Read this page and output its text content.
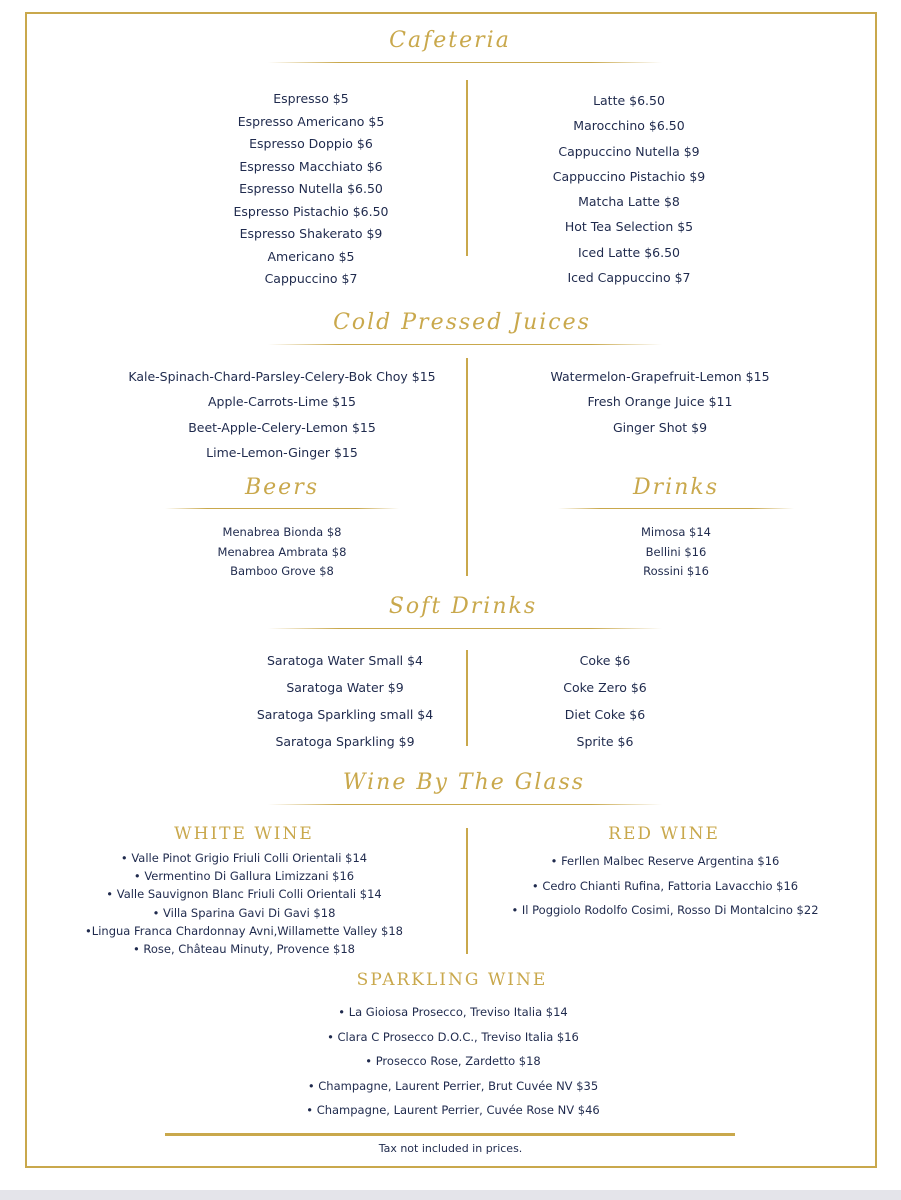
Cafeteria
Espresso $5
Espresso Americano $5
Espresso Doppio $6
Espresso Macchiato $6
Espresso Nutella $6.50
Espresso Pistachio $6.50
Espresso Shakerato $9
Americano $5
Cappuccino $7
Latte $6.50
Marocchino $6.50
Cappuccino Nutella $9
Cappuccino Pistachio $9
Matcha Latte $8
Hot Tea Selection $5
Iced Latte $6.50
Iced Cappuccino $7
Cold Pressed Juices
Kale-Spinach-Chard-Parsley-Celery-Bok Choy $15
Apple-Carrots-Lime $15
Beet-Apple-Celery-Lemon $15
Lime-Lemon-Ginger $15
Watermelon-Grapefruit-Lemon $15
Fresh Orange Juice $11
Ginger Shot $9
Beers
Menabrea Bionda $8
Menabrea Ambrata $8
Bamboo Grove $8
Drinks
Mimosa $14
Bellini $16
Rossini $16
Soft Drinks
Saratoga Water Small $4
Saratoga Water $9
Saratoga Sparkling small $4
Saratoga Sparkling $9
Coke $6
Coke Zero $6
Diet Coke $6
Sprite $6
Wine By The Glass
WHITE WINE
• Valle Pinot Grigio Friuli Colli Orientali $14
• Vermentino Di Gallura Limizzani $16
• Valle Sauvignon Blanc Friuli Colli Orientali $14
• Villa Sparina Gavi Di Gavi $18
•Lingua Franca Chardonnay Avni,Willamette Valley $18
• Rose, Château Minuty, Provence $18
RED WINE
• Ferllen Malbec Reserve Argentina $16
• Cedro Chianti Rufina, Fattoria Lavacchio $16
• Il Poggiolo Rodolfo Cosimi, Rosso Di Montalcino $22
SPARKLING WINE
• La Gioiosa Prosecco, Treviso Italia $14
• Clara C Prosecco D.O.C., Treviso Italia $16
• Prosecco Rose, Zardetto $18
• Champagne, Laurent Perrier, Brut Cuvée NV $35
• Champagne, Laurent Perrier, Cuvée Rose NV $46
Tax not included in prices.
